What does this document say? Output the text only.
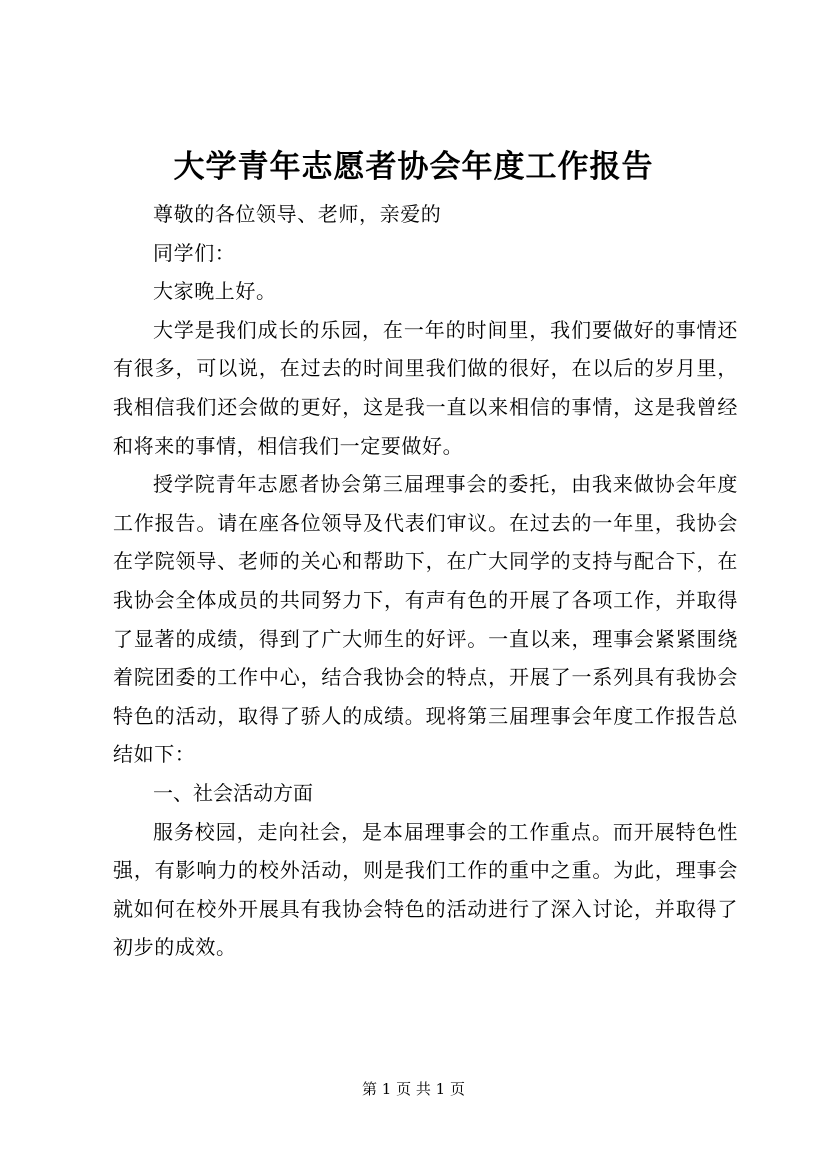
大学青年志愿者协会年度工作报告

尊敬的各位领导、老师，亲爱的

同学们：

大家晚上好。

大学是我们成长的乐园，在一年的时间里，我们要做好的事情还有很多，可以说，在过去的时间里我们做的很好，在以后的岁月里，我相信我们还会做的更好，这是我一直以来相信的事情，这是我曾经和将来的事情，相信我们一定要做好。

授学院青年志愿者协会第三届理事会的委托，由我来做协会年度工作报告。请在座各位领导及代表们审议。在过去的一年里，我协会在学院领导、老师的关心和帮助下，在广大同学的支持与配合下，在我协会全体成员的共同努力下，有声有色的开展了各项工作，并取得了显著的成绩，得到了广大师生的好评。一直以来，理事会紧紧围绕着院团委的工作中心，结合我协会的特点，开展了一系列具有我协会特色的活动，取得了骄人的成绩。现将第三届理事会年度工作报告总结如下：

一、社会活动方面

服务校园，走向社会，是本届理事会的工作重点。而开展特色性强，有影响力的校外活动，则是我们工作的重中之重。为此，理事会就如何在校外开展具有我协会特色的活动进行了深入讨论，并取得了初步的成效。

第 1 页 共 1 页
